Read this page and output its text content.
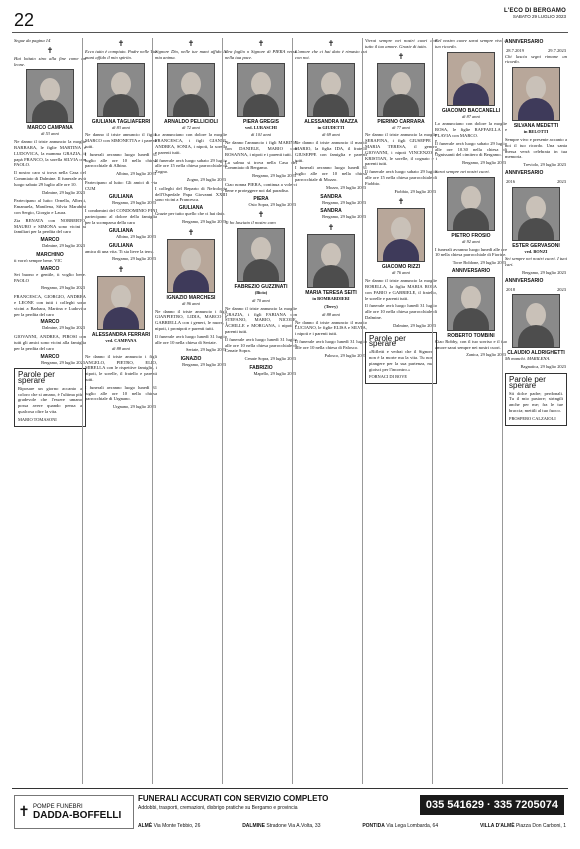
22	L'ECO DI BERGAMO
SABATO 29 LUGLIO 2023

Segue da pagina 14

✝

Hai lottato sino alla fine come un leone.

MARCO CAMPANA
di 53 anni

Ne danno il triste annuncio la moglie BARBARA, le figlie MARTINA e LUDOVICA, la mamma GRAZIA, il papà FRANCO, la sorella SILVIA con PAOLO.

Il nostro caro si trova nella Casa del Commiato di Dalmine. Il funerale avrà luogo sabato 29 luglio alle ore 10.

Dalmine, 29 luglio 2023

Partecipano al lutto: Ornella, Alberti, Emanuela, Manilena, Silvia Marabini con Sergio, Giorgio e Laura.

Zia RENATA con NORBERTO, MAURO e SIMONA sono vicini ai familiari per la perdita del caro

MARCO
Dalmine, 29 luglio 2023
MARCHINO

ti vorrò sempre bene. VIC

MARCO

Sei buono e gentile, ti voglio bene. PAOLO

Bergamo, 29 luglio 2023

FRANCESCA, GIORGIO, ANDREA e LEONE con tutti i colleghi sono vicini a Barbara, Martina e Ludovica per la perdita del caro

MARCO
Dalmine, 29 luglio 2023

GIOVANNI, ANDREA, PIROSI con tutti gli amici sono vicini alla famiglia per la perdita del caro

MARCO
Bergamo, 29 luglio 2023
Parole per sperare

Riposare un giorno accanto a coloro che si amano, è l'ultima più gradevole che l'essere umano possa avere quando pensa a qualcosa oltre la vita.

MARIO TOMASONI
✝

Ecco tutto è compiuto. Padre nelle Tue mani affido il mio spirito.

GIULIANA TAGLIAFERRI
di 83 anni

Ne danno il triste annuncio il figlio MARCO con SIMONETTA e i parenti tutti.

I funerali avranno luogo lunedì 31 luglio alle ore 10 nella chiesa parrocchiale di Albino.

Albino, 29 luglio 2023

Partecipano al lutto: Gli amici di via CUM

GIULIANA
Bergamo, 29 luglio 2023

I condomini del CONDOMINIO PINI partecipano al dolore della famiglia per la scomparsa della cara

GIULIANA
Albino, 29 luglio 2023
GIULIANA

amica di una vita. Ti sia lieve la terra.

Bergamo, 29 luglio 2023
✝
ALESSANDRA FERRARI
ved. CAMPANA
di 88 anni

Ne danno il triste annuncio i figli ANGELO, PIETRO, ELIO, MIRELLA con le rispettive famiglie, i nipoti, le sorelle, il fratello e parenti tutti.

I funerali avranno luogo lunedì 31 luglio alle ore 10 nella chiesa parrocchiale di Urgnano.

Urgnano, 29 luglio 2023
✝

Signore Dio, nelle tue mani affido la mia anima.

ARNALDO PELLICIOLI
di 72 anni

Lo annunciano con dolore la moglie FRANCESCA, i figli GIANNI, ANDREA, SONIA, i nipoti, la sorella e parenti tutti.

Il funerale avrà luogo sabato 29 luglio alle ore 15 nella chiesa parrocchiale di Zogno.

Zogno, 29 luglio 2023

I colleghi del Reparto di Nefrologia dell'Ospedale Papa Giovanni XXIII sono vicini a Francesca.

GIULIANA

Grazie per tutto quello che ci hai dato.

Bergamo, 29 luglio 2023
✝
IGNAZIO MARCHESI
di 96 anni

Ne danno il triste annuncio i figli GIANPIETRO, LIDIA, MARCO e GABRIELLA con i generi, le nuore, i nipoti, i pronipoti e parenti tutti.

Il funerale avrà luogo lunedì 31 luglio alle ore 10 nella chiesa di Seriate.

Seriate, 29 luglio 2023
IGNAZIO
Bergamo, 29 luglio 2023
✝

Ora faglio o Signore di PIERA verso nella tua pace.

PIERA GREGIS
ved. LURASCHI
di 101 anni

Ne danno l'annuncio i figli MARINA con DANIELE, MARIO con ROSANNA, i nipoti e i parenti tutti.

La salma si trova nella Casa del Commiato di Bergamo.

Bergamo, 29 luglio 2023

Ciao nonna PIERA, continua a volerci bene e proteggere noi dal paradiso.

PIERA
Osio Sopra, 29 luglio 2023
✝

Ti ho lasciato il nostro caro

FABREZIO GUZZINATI
(Bicio)
di 70 anni

Ne danno il triste annuncio la moglie GRAZIA, i figli FABIANA con STEFANO, MARIO, NICOLE, ACHILLE e MORGANA, i nipoti e parenti tutti.

Il funerale avrà luogo lunedì 31 luglio alle ore 10 nella chiesa parrocchiale di Cenate Sopra.

Cenate Sopra, 29 luglio 2023
FABRIZIO
Mapello, 29 luglio 2023
✝

L'amore che ci hai dato è rimasto qui con noi.

ALESSANDRA MAZZA
in GIUDETTI
di 69 anni

Ne danno il triste annuncio il marito MARIO, la figlia IDA, il fratello GIUSEPPE con famiglia e parenti tutti.

I funerali avranno luogo lunedì 31 luglio alle ore 10 nella chiesa parrocchiale di Mozzo.

Mozzo, 29 luglio 2023
SANDRA
Bergamo, 29 luglio 2023
SANDRA
Bergamo, 29 luglio 2023
✝
MARIA TERESA SEITI
in BOMBARDIERI
(Terry)
di 88 anni

Ne danno il triste annuncio il marito LUCIANO, le figlie ELISA e SILVIA, i nipoti e i parenti tutti.

Il funerale avrà luogo lunedì 31 luglio alle ore 10 nella chiesa di Palosco.

Palosco, 29 luglio 2023

Vivrai sempre nei nostri cuori con tutto il tuo amore. Grazie di tutto.

✝
PIERINO CARRARA
di 77 anni

Ne danno il triste annuncio la moglie SERAFINA, i figli GIUSEPPE e MARIA TERESA, il genero GIOVANNI, i nipoti VINCENZO e KRISTIAN, le sorelle, il cognato e i parenti tutti.

Il funerale avrà luogo sabato 29 luglio alle ore 15 nella chiesa parrocchiale di Fiobbio.

Fiobbio, 29 luglio 2023
✝
GIACOMO RIZZI
di 76 anni

Ne danno il triste annuncio la moglie BORELLA, la figlia MARIA ROSA con FABIO e GABRIELE, il fratello, le sorelle e parenti tutti.

Il funerale avrà luogo lunedì 31 luglio alle ore 10 nella chiesa parrocchiale di Dalmine.

Dalmine, 29 luglio 2023
Parole per sperare

«Rifletti e vedrai che il Signore non è la morte ma la vita. Tu non piangere per la sua partenza, ma gioisci per l'incontro.»

FORNACI DI BOVE

Nel nostro cuore sarai sempre vivo il tuo ricordo.

GIACOMO BACCANELLI
di 87 anni

Lo annunciano con dolore la moglie ROSA, le figlie RAFFAELLA e FLAVIA con MARCO.

Il funerale avrà luogo sabato 29 luglio alle ore 10.30 nella chiesa di Ognissanti del cimitero di Bergamo.

Bergamo, 29 luglio 2023

Sarai sempre nei nostri cuori.

PIETRO FROSIO
di 92 anni

I funerali avranno luogo lunedì alle ore 10 nella chiesa parrocchiale di Fiorine.

Torre Boldone, 29 luglio 2023
ANNIVERSARIO
ROBERTO TOMBINI

Ciao Robby, con il tuo sorriso e il tuo amore sarai sempre nei nostri cuori.

Zanica, 29 luglio 2023
ANNIVERSARIO
28.7.2019	29.7.2023

Chi lascia segni rimane un ricordo.

SILVANA MEDETTI
in BELOTTI

Sempre vivo e presente accanto a noi il tuo ricordo. Una santa messa verrà celebrata in tua memoria.

Treviolo, 29 luglio 2023
ANNIVERSARIO
2016	2023
ESTER GERVASONI
ved. BONZI

Sei sempre nei nostri cuori. I tuoi cari.

Bergamo, 29 luglio 2023
ANNIVERSARIO
2018	2023
CLAUDIO ALDRIGHETTI

Mi manchi. MARILENA.

Bagnatica, 29 luglio 2023
Parole per sperare

Sii dolce padre; perdonali. Tu il mio pastore; stringili anche per me; fra le tue braccia; mettili al tuo fuoco.

PROSPERO CALZAIOLI
✝ POMPE FUNEBRI
DADDA-BOFFELLI
FUNERALI ACCURATI CON SERVIZIO COMPLETO
Addobbi, trasporti, cremazioni, disbrigo pratiche su Bergamo e provincia	035 541629 · 335 7205074
ALMÈ Via Monte Tebbio, 26	DALMINE Stradone Via A.Volta, 33	PONTIDA Via Lega Lombarda, 64	VILLA D'ALMÈ Piazza Don Carboni, 1
